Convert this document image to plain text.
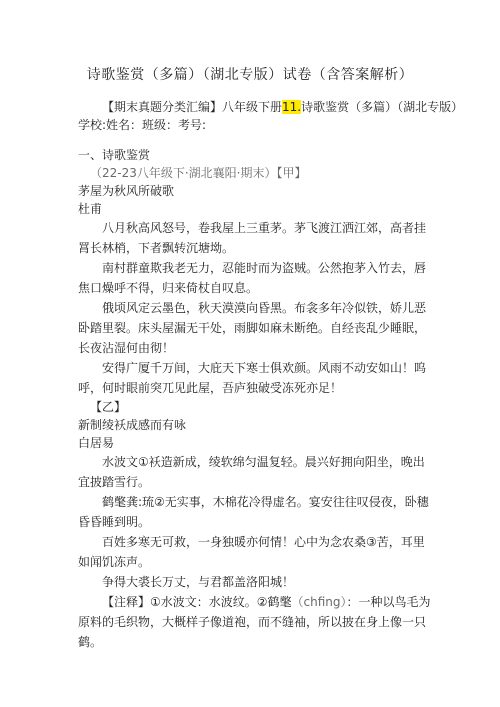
诗歌鉴赏（多篇）（湖北专版）试卷（含答案解析）

【期末真题分类汇编】八年级下册11.诗歌鉴赏（多篇）（湖北专版）

学校:姓名：班级：考号:

一、诗歌鉴赏

（22-23八年级下·湖北襄阳·期末）【甲】

茅屋为秋风所破歌

杜甫

八月秋高风怒号，卷我屋上三重茅。茅飞渡江洒江郊，高者挂罥长林梢，下者飘转沉塘坳。

南村群童欺我老无力，忍能时而为盗贼。公然抱茅入竹去，唇焦口燥呼不得，归来倚杖自叹息。

俄顷风定云墨色，秋天漠漠向昏黑。布衾多年冷似铁，娇儿恶卧踏里裂。床头屋漏无干处，雨脚如麻未断绝。自经丧乱少睡眠，长夜沾湿何由彻！

安得广厦千万间，大庇天下寒士俱欢颜。风雨不动安如山！呜呼，何时眼前突兀见此屋，吾庐独破受冻死亦足！

【乙】

新制绫袄成感而有咏

白居易

水波文①袄造新成，绫软绵匀温复轻。晨兴好拥向阳坐，晚出宜披踏雪行。

鹤氅龚:琉②无实事，木棉花冷得虚名。宴安往往叹侵夜，卧穗昏昏睡到明。

百姓多寒无可救，一身独暖亦何情！心中为念农桑③苦，耳里如闻饥冻声。

争得大裘长万丈，与君都盖洛阳城！

【注释】①水波文：水波纹。②鹤氅（chfing）：一种以鸟毛为原料的毛织物，大概样子像道袍，而不缝袖，所以披在身上像一只鹤。
